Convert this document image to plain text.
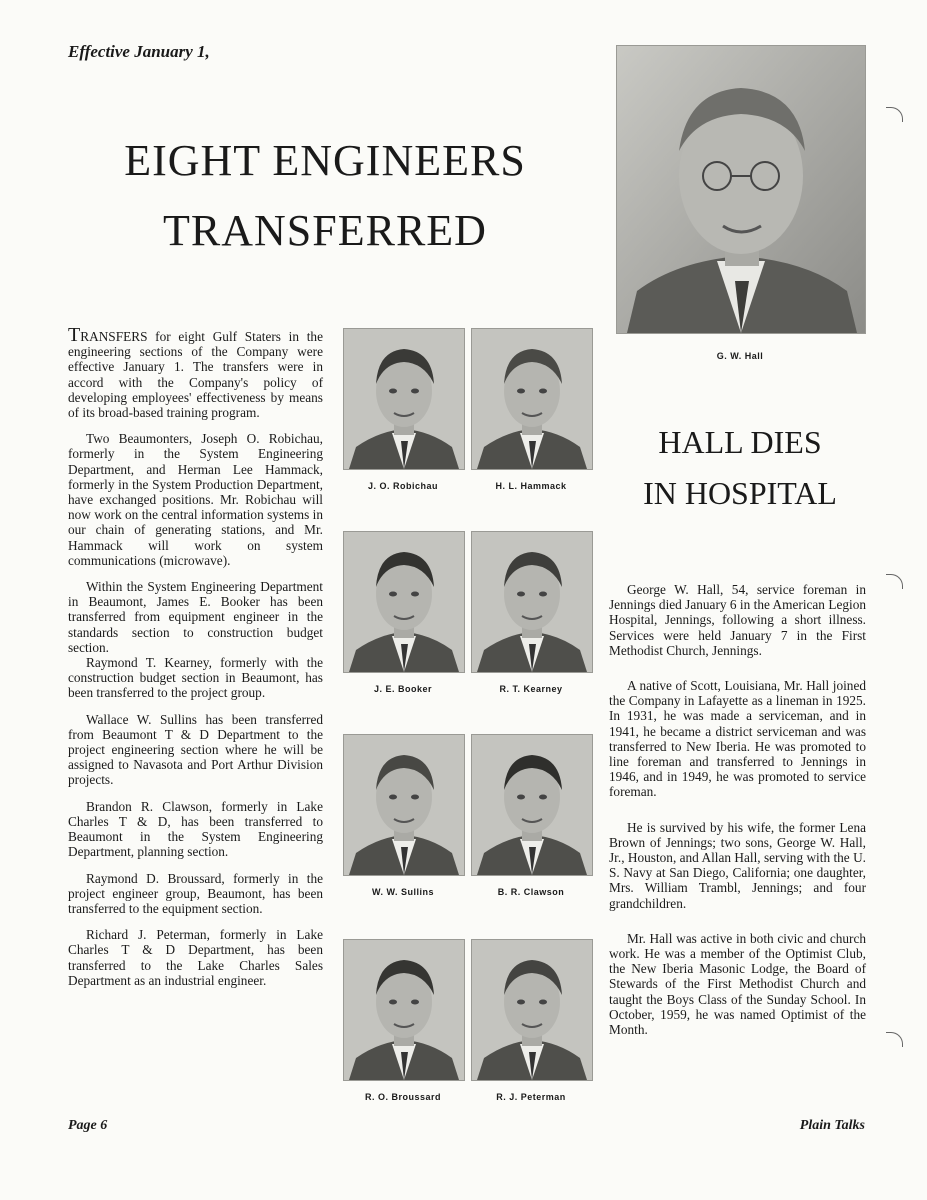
Effective January 1,
EIGHT ENGINEERS
TRANSFERRED

TRANSFERS for eight Gulf Staters in the engineering sections of the Company were effective January 1. The transfers were in accord with the Company's policy of developing employees' effectiveness by means of its broad-based training program.

Two Beaumonters, Joseph O. Robichau, formerly in the System Engineering Department, and Herman Lee Hammack, formerly in the System Production Department, have exchanged positions. Mr. Robichau will now work on the central information systems in our chain of generating stations, and Mr. Hammack will work on system communications (microwave).

Within the System Engineering Department in Beaumont, James E. Booker has been transferred from equipment engineer in the standards section to construction budget section.

Raymond T. Kearney, formerly with the construction budget section in Beaumont, has been transferred to the project group.

Wallace W. Sullins has been transferred from Beaumont T & D Department to the project engineering section where he will be assigned to Navasota and Port Arthur Division projects.

Brandon R. Clawson, formerly in Lake Charles T & D, has been transferred to Beaumont in the System Engineering Department, planning section.

Raymond D. Broussard, formerly in the project engineer group, Beaumont, has been transferred to the equipment section.

Richard J. Peterman, formerly in Lake Charles T & D Department, has been transferred to the Lake Charles Sales Department as an industrial engineer.

J. O. Robichau	H. L. Hammack
J. E. Booker	R. T. Kearney
W. W. Sullins	B. R. Clawson
R. O. Broussard	R. J. Peterman
G. W. Hall
HALL DIES
IN HOSPITAL

George W. Hall, 54, service foreman in Jennings died January 6 in the American Legion Hospital, Jennings, following a short illness. Services were held January 7 in the First Methodist Church, Jennings.

A native of Scott, Louisiana, Mr. Hall joined the Company in Lafayette as a lineman in 1925. In 1931, he was made a serviceman, and in 1941, he became a district serviceman and was transferred to New Iberia. He was promoted to line foreman and transferred to Jennings in 1946, and in 1949, he was promoted to service foreman.

He is survived by his wife, the former Lena Brown of Jennings; two sons, George W. Hall, Jr., Houston, and Allan Hall, serving with the U. S. Navy at San Diego, California; one daughter, Mrs. William Trambl, Jennings; and four grandchildren.

Mr. Hall was active in both civic and church work. He was a member of the Optimist Club, the New Iberia Masonic Lodge, the Board of Stewards of the First Methodist Church and taught the Boys Class of the Sunday School. In October, 1959, he was named Optimist of the Month.

Page 6	Plain Talks
